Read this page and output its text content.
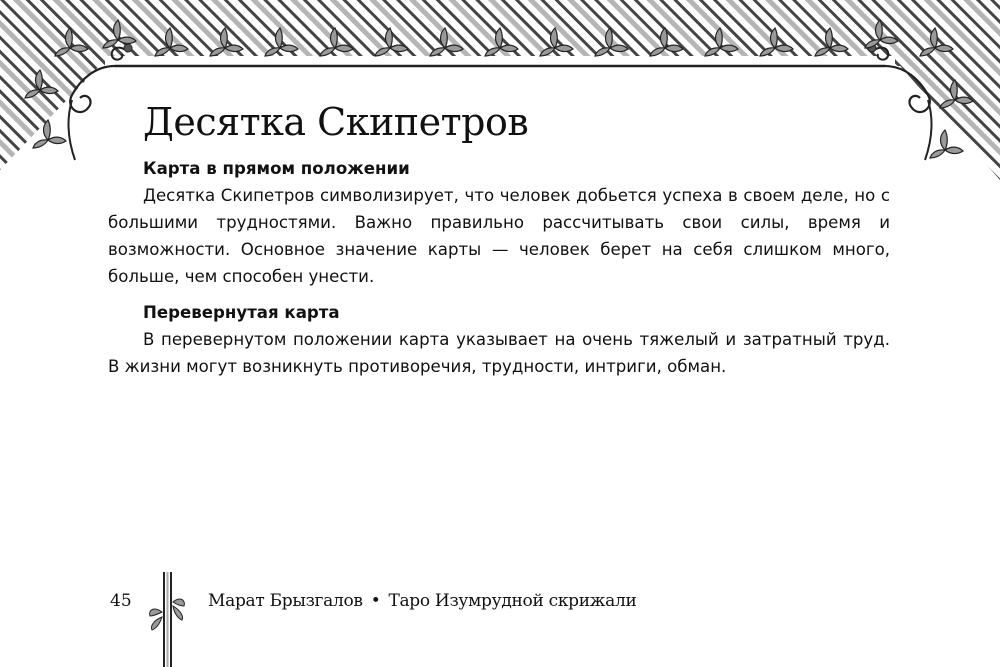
Десятка Скипетров

Карта в прямом положении

Десятка Скипетров символизирует, что человек добьется успеха в своем деле, но с большими трудностями. Важно правильно рассчитывать свои силы, время и возможности. Основное значение карты — человек берет на себя слишком много, больше, чем способен унести.

Перевернутая карта

В перевернутом положении карта указывает на очень тяжелый и затратный труд. В жизни могут возникнуть противоречия, трудности, интриги, обман.

45	Марат Брызгалов • Таро Изумрудной скрижали
